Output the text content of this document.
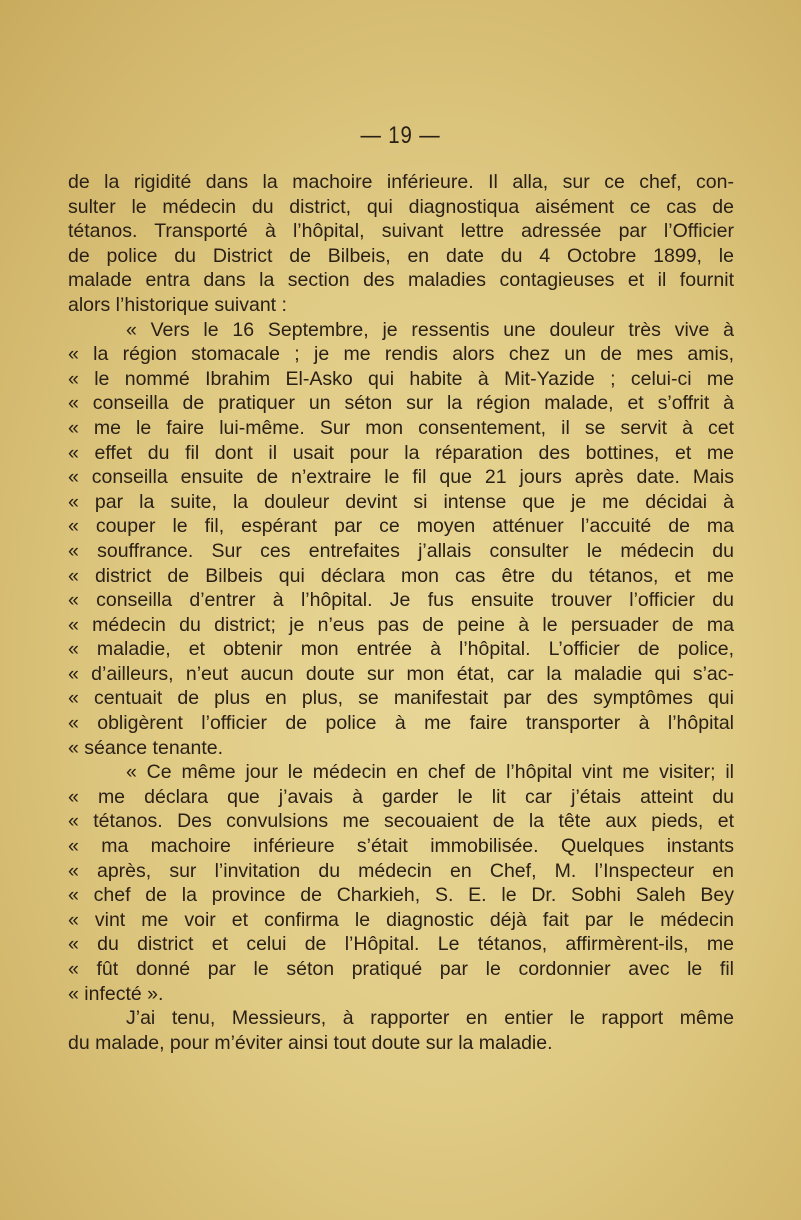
— 19 —
de la rigidité dans la machoire inférieure. Il alla, sur ce chef, con-
sulter le médecin du district, qui diagnostiqua aisément ce cas de
tétanos. Transporté à l’hôpital, suivant lettre adressée par l’Officier
de police du District de Bilbeis, en date du 4 Octobre 1899, le
malade entra dans la section des maladies contagieuses et il fournit
alors l’historique suivant :
« Vers le 16 Septembre, je ressentis une douleur très vive à
« la région stomacale ; je me rendis alors chez un de mes amis,
« le nommé Ibrahim El-Asko qui habite à Mit-Yazide ; celui-ci me
« conseilla de pratiquer un séton sur la région malade, et s’offrit à
« me le faire lui-même. Sur mon consentement, il se servit à cet
« effet du fil dont il usait pour la réparation des bottines, et me
« conseilla ensuite de n’extraire le fil que 21 jours après date. Mais
« par la suite, la douleur devint si intense que je me décidai à
« couper le fil, espérant par ce moyen atténuer l’accuité de ma
« souffrance. Sur ces entrefaites j’allais consulter le médecin du
« district de Bilbeis qui déclara mon cas être du tétanos, et me
« conseilla d’entrer à l’hôpital. Je fus ensuite trouver l’officier du
« médecin du district; je n’eus pas de peine à le persuader de ma
« maladie, et obtenir mon entrée à l’hôpital. L’officier de police,
« d’ailleurs, n’eut aucun doute sur mon état, car la maladie qui s’ac-
« centuait de plus en plus, se manifestait par des symptômes qui
« obligèrent l’officier de police à me faire transporter à l’hôpital
« séance tenante.
« Ce même jour le médecin en chef de l’hôpital vint me visiter; il
« me déclara que j’avais à garder le lit car j’étais atteint du
« tétanos. Des convulsions me secouaient de la tête aux pieds, et
« ma machoire inférieure s’était immobilisée. Quelques instants
« après, sur l’invitation du médecin en Chef, M. l’Inspecteur en
« chef de la province de Charkieh, S. E. le Dr. Sobhi Saleh Bey
« vint me voir et confirma le diagnostic déjà fait par le médecin
« du district et celui de l’Hôpital. Le tétanos, affirmèrent-ils, me
« fût donné par le séton pratiqué par le cordonnier avec le fil
« infecté ».
J’ai tenu, Messieurs, à rapporter en entier le rapport même
du malade, pour m’éviter ainsi tout doute sur la maladie.
